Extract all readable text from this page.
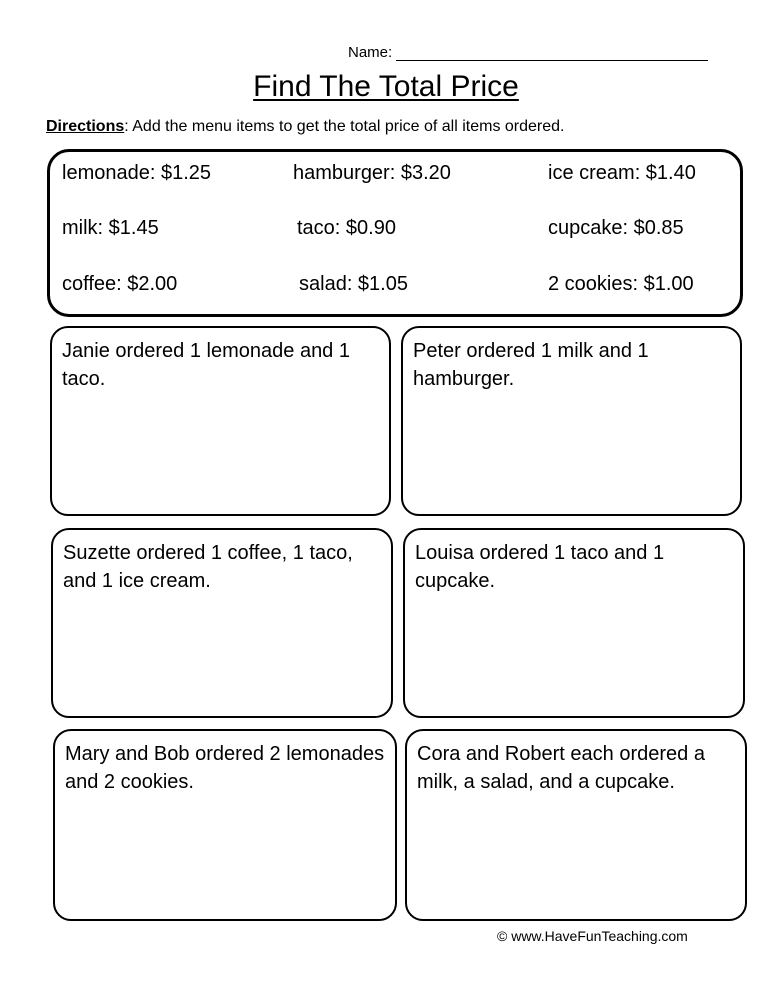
Name:
Find The Total Price
Directions: Add the menu items to get the total price of all items ordered.
lemonade: $1.25	hamburger: $3.20	ice cream: $1.40
milk: $1.45	taco: $0.90	cupcake: $0.85
coffee: $2.00	salad: $1.05	2 cookies: $1.00
Janie ordered 1 lemonade and 1 taco.
Peter ordered 1 milk and 1 hamburger.
Suzette ordered 1 coffee, 1 taco, and 1 ice cream.
Louisa ordered 1 taco and 1 cupcake.
Mary and Bob ordered 2 lemonades and 2 cookies.
Cora and Robert each ordered a milk, a salad, and a cupcake.
© www.HaveFunTeaching.com
